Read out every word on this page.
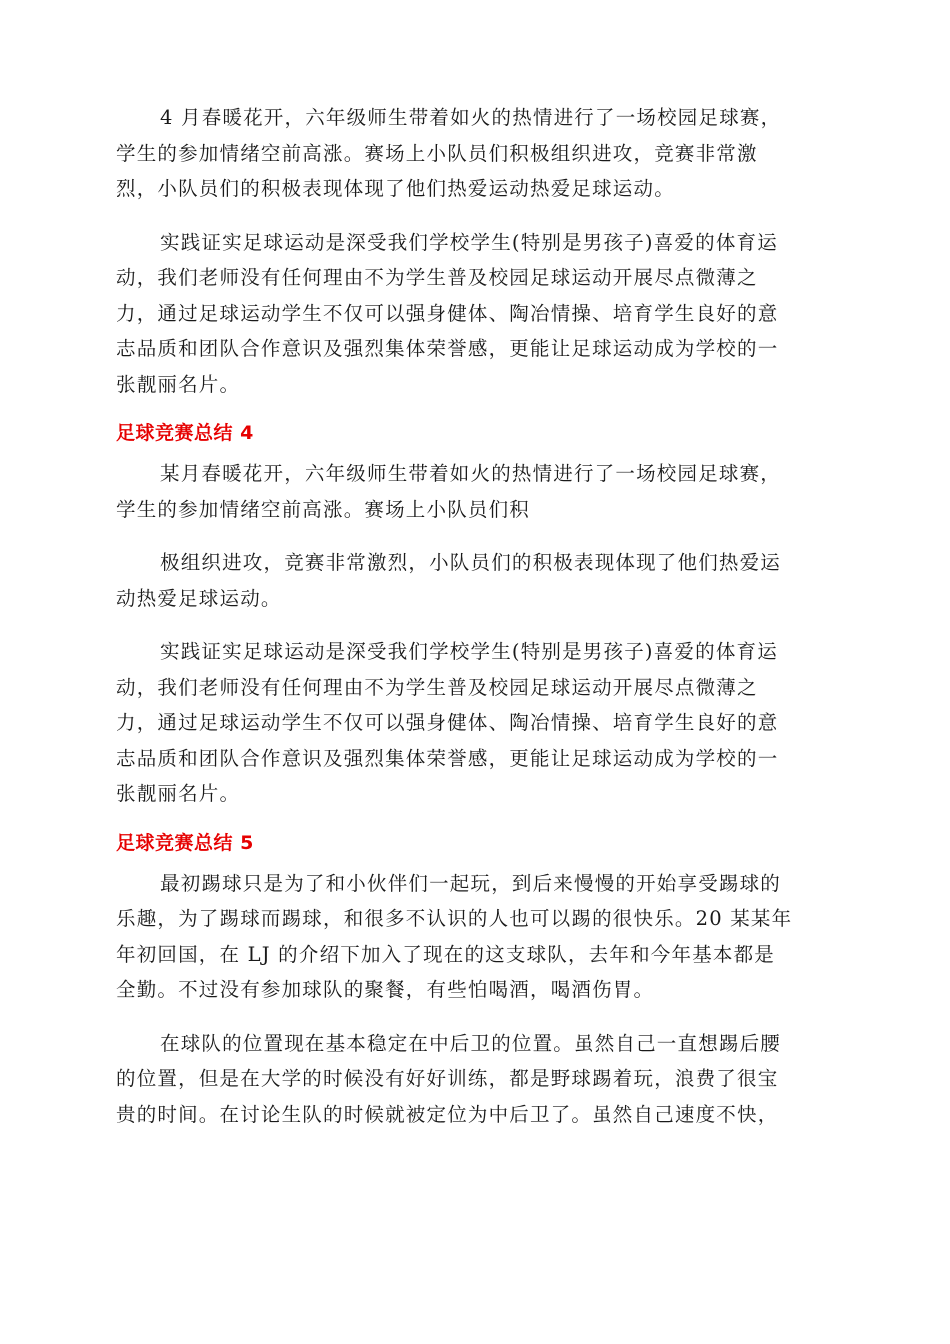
4 月春暖花开，六年级师生带着如火的热情进行了一场校园足球赛，
学生的参加情绪空前高涨。赛场上小队员们积极组织进攻，竞赛非常激
烈，小队员们的积极表现体现了他们热爱运动热爱足球运动。
实践证实足球运动是深受我们学校学生(特别是男孩子)喜爱的体育运
动，我们老师没有任何理由不为学生普及校园足球运动开展尽点微薄之
力，通过足球运动学生不仅可以强身健体、陶冶情操、培育学生良好的意
志品质和团队合作意识及强烈集体荣誉感，更能让足球运动成为学校的一
张靓丽名片。
足球竞赛总结 4
某月春暖花开，六年级师生带着如火的热情进行了一场校园足球赛，
学生的参加情绪空前高涨。赛场上小队员们积
极组织进攻，竞赛非常激烈，小队员们的积极表现体现了他们热爱运
动热爱足球运动。
实践证实足球运动是深受我们学校学生(特别是男孩子)喜爱的体育运
动，我们老师没有任何理由不为学生普及校园足球运动开展尽点微薄之
力，通过足球运动学生不仅可以强身健体、陶冶情操、培育学生良好的意
志品质和团队合作意识及强烈集体荣誉感，更能让足球运动成为学校的一
张靓丽名片。
足球竞赛总结 5
最初踢球只是为了和小伙伴们一起玩，到后来慢慢的开始享受踢球的
乐趣，为了踢球而踢球，和很多不认识的人也可以踢的很快乐。20 某某年
年初回国，在 LJ 的介绍下加入了现在的这支球队，去年和今年基本都是
全勤。不过没有参加球队的聚餐，有些怕喝酒，喝酒伤胃。
在球队的位置现在基本稳定在中后卫的位置。虽然自己一直想踢后腰
的位置，但是在大学的时候没有好好训练，都是野球踢着玩，浪费了很宝
贵的时间。在讨论生队的时候就被定位为中后卫了。虽然自己速度不快，
